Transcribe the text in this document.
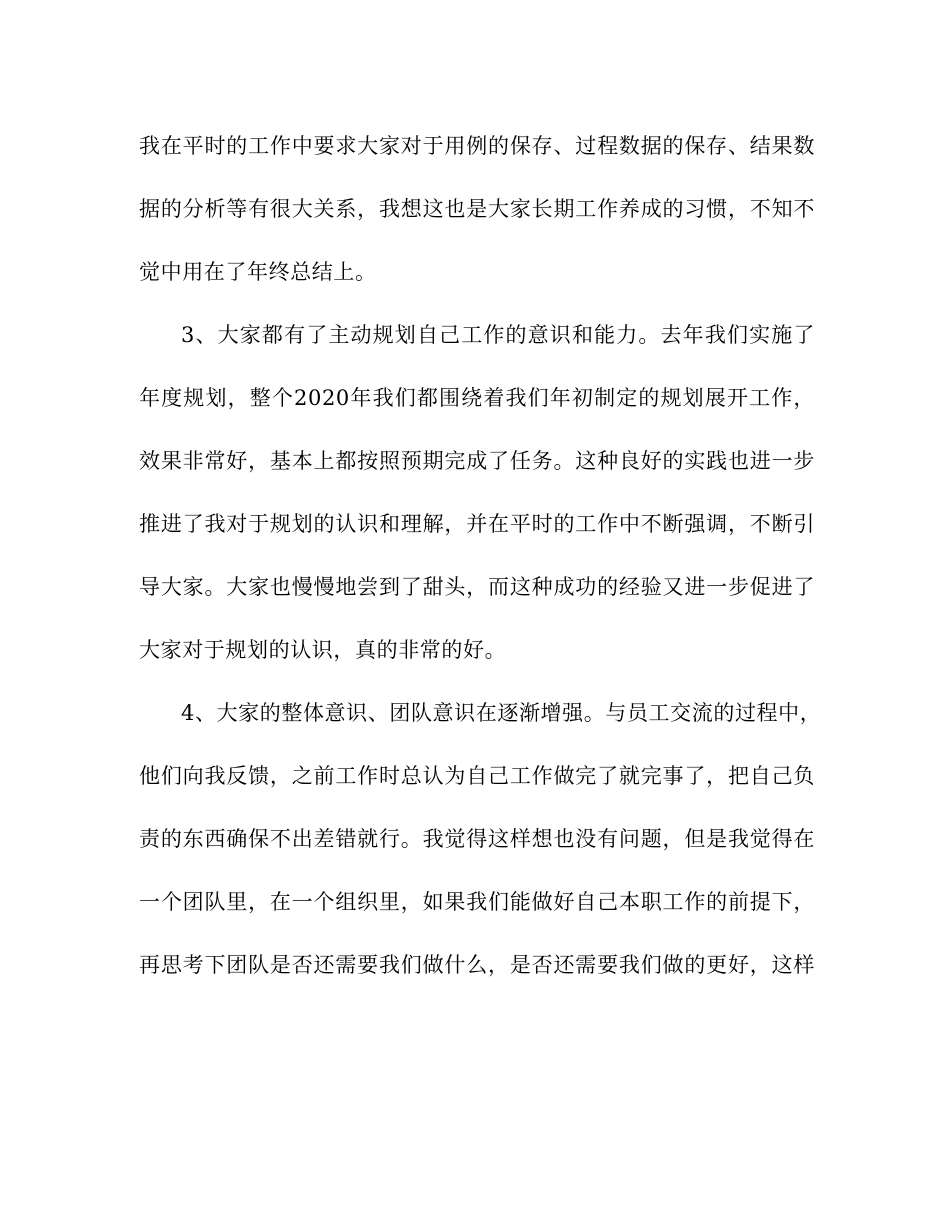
我在平时的工作中要求大家对于用例的保存、过程数据的保存、结果数
据的分析等有很大关系，我想这也是大家长期工作养成的习惯，不知不
觉中用在了年终总结上。
3、大家都有了主动规划自己工作的意识和能力。去年我们实施了
年度规划，整个2020年我们都围绕着我们年初制定的规划展开工作，
效果非常好，基本上都按照预期完成了任务。这种良好的实践也进一步
推进了我对于规划的认识和理解，并在平时的工作中不断强调，不断引
导大家。大家也慢慢地尝到了甜头，而这种成功的经验又进一步促进了
大家对于规划的认识，真的非常的好。
4、大家的整体意识、团队意识在逐渐增强。与员工交流的过程中，
他们向我反馈，之前工作时总认为自己工作做完了就完事了，把自己负
责的东西确保不出差错就行。我觉得这样想也没有问题，但是我觉得在
一个团队里，在一个组织里，如果我们能做好自己本职工作的前提下，
再思考下团队是否还需要我们做什么，是否还需要我们做的更好，这样
